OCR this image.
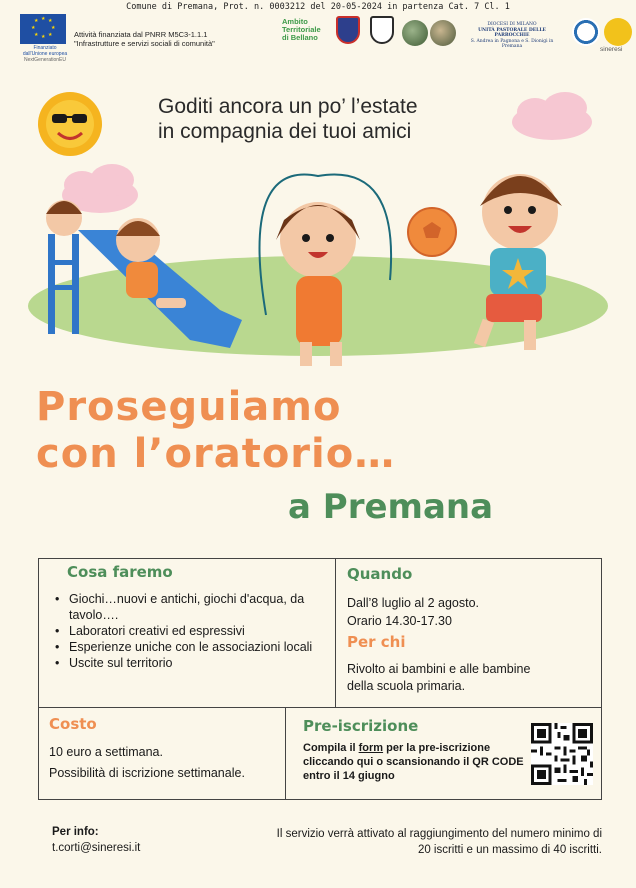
Comune di Premana, Prot. n. 0003212 del 20-05-2024 in partenza Cat. 7 Cl. 1
★ ★
★
★
★
★
★
★
Finanziato
dall'Unione europea
NextGenerationEU
Attività finanziata dal PNRR M5C3-1.1.1
"Infrastrutture e servizi sociali di comunità"
Ambito
Territoriale
di Bellano
DIOCESI DI MILANO
UNITÀ PASTORALE DELLE PARROCCHIE
S. Andrea in Pagnona e S. Dionigi in Premana	sineresi
Goditi ancora un po’ l’estate
in compagnia dei tuoi amici
Proseguiamo
con l’oratorio…
a Premana
Cosa faremo
• Giochi…nuovi e antichi, giochi d'acqua, da tavolo….
• Laboratori creativi ed espressivi
• Esperienze uniche con le associazioni locali
• Uscite sul territorio
Quando
Dall’8 luglio al 2 agosto.
Orario 14.30-17.30
Per chi
Rivolto ai bambini e alle bambine
della scuola primaria.
Costo
10 euro a settimana.
Possibilità di iscrizione settimanale.
Pre-iscrizione
Compila il form per la pre-iscrizione cliccando qui o scansionando il QR CODE entro il 14 giugno
Per info:
t.corti@sineresi.it
Il servizio verrà attivato al raggiungimento del numero minimo di 20 iscritti e un massimo di 40 iscritti.
